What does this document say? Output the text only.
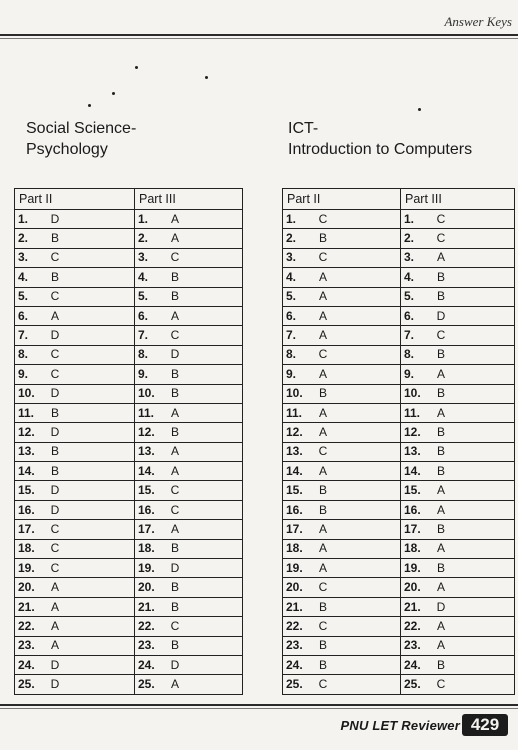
Answer Keys
Social Science-
Psychology
ICT-
Introduction to Computers
Part II	Part III
1. D	1. A
2. B	2. A
3. C	3. C
4. B	4. B
5. C	5. B
6. A	6. A
7. D	7. C
8. C	8. D
9. C	9. B
10. D	10. B
11. B	11. A
12. D	12. B
13. B	13. A
14. B	14. A
15. D	15. C
16. D	16. C
17. C	17. A
18. C	18. B
19. C	19. D
20. A	20. B
21. A	21. B
22. A	22. C
23. A	23. B
24. D	24. D
25. D	25. A
Part II	Part III
1. C	1. C
2. B	2. C
3. C	3. A
4. A	4. B
5. A	5. B
6. A	6. D
7. A	7. C
8. C	8. B
9. A	9. A
10. B	10. B
11. A	11. A
12. A	12. B
13. C	13. B
14. A	14. B
15. B	15. A
16. B	16. A
17. A	17. B
18. A	18. A
19. A	19. B
20. C	20. A
21. B	21. D
22. C	22. A
23. B	23. A
24. B	24. B
25. C	25. C
PNU LET Reviewer 429
